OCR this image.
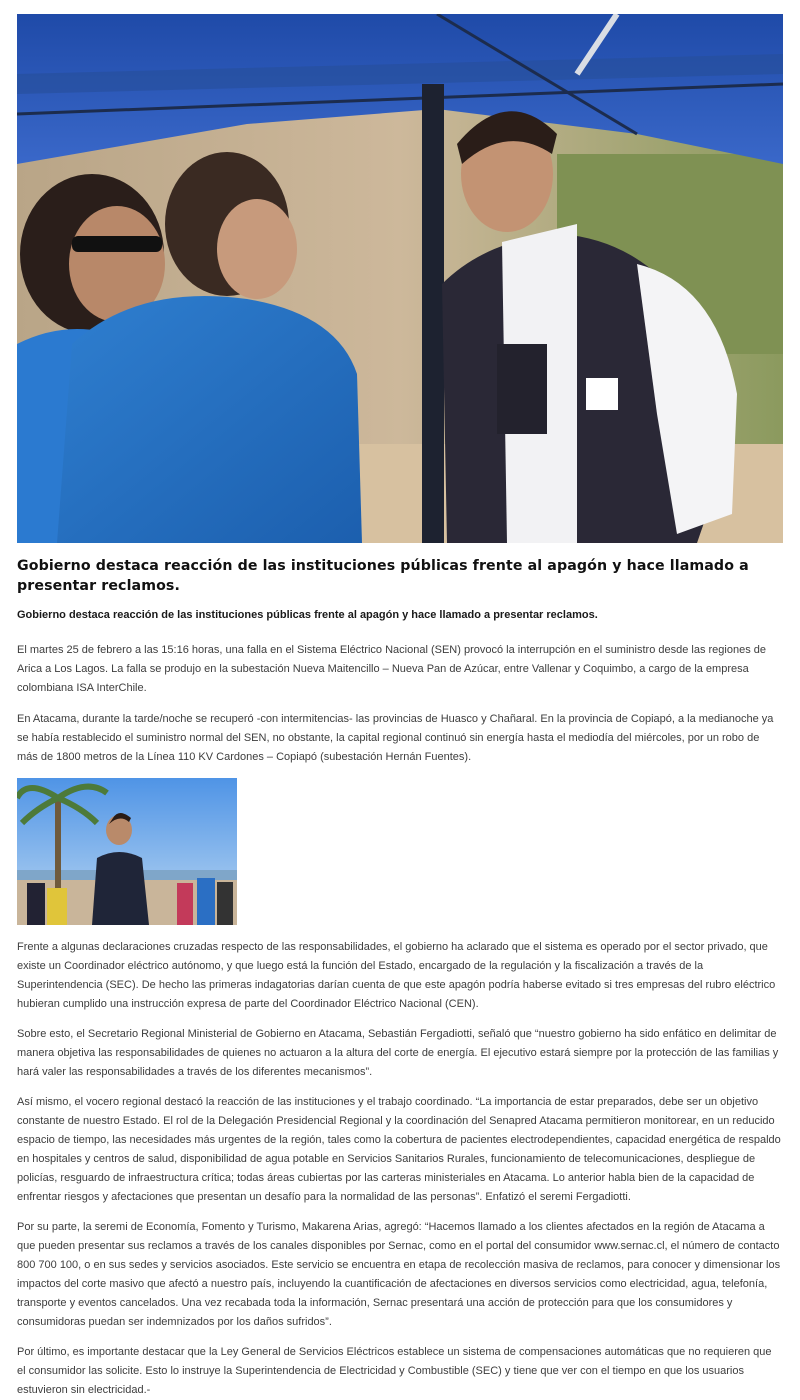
Gobierno destaca reacción de las instituciones públicas frente al apagón y hace llamado a presentar reclamos.

Gobierno destaca reacción de las instituciones públicas frente al apagón y hace llamado a presentar reclamos.

El martes 25 de febrero a las 15:16 horas, una falla en el Sistema Eléctrico Nacional (SEN) provocó la interrupción en el suministro desde las regiones de Arica a Los Lagos. La falla se produjo en la subestación Nueva Maitencillo – Nueva Pan de Azúcar, entre Vallenar y Coquimbo, a cargo de la empresa colombiana ISA InterChile.

En Atacama, durante la tarde/noche se recuperó -con intermitencias- las provincias de Huasco y Chañaral. En la provincia de Copiapó, a la medianoche ya se había restablecido el suministro normal del SEN, no obstante, la capital regional continuó sin energía hasta el mediodía del miércoles, por un robo de más de 1800 metros de la Línea 110 KV Cardones – Copiapó (subestación Hernán Fuentes).

Frente a algunas declaraciones cruzadas respecto de las responsabilidades, el gobierno ha aclarado que el sistema es operado por el sector privado, que existe un Coordinador eléctrico autónomo, y que luego está la función del Estado, encargado de la regulación y la fiscalización a través de la Superintendencia (SEC). De hecho las primeras indagatorias darían cuenta de que este apagón podría haberse evitado si tres empresas del rubro eléctrico hubieran cumplido una instrucción expresa de parte del Coordinador Eléctrico Nacional (CEN).

Sobre esto, el Secretario Regional Ministerial de Gobierno en Atacama, Sebastián Fergadiotti, señaló que “nuestro gobierno ha sido enfático en delimitar de manera objetiva las responsabilidades de quienes no actuaron a la altura del corte de energía. El ejecutivo estará siempre por la protección de las familias y hará valer las responsabilidades a través de los diferentes mecanismos”.

Así mismo, el vocero regional destacó la reacción de las instituciones y el trabajo coordinado. “La importancia de estar preparados, debe ser un objetivo constante de nuestro Estado. El rol de la Delegación Presidencial Regional y la coordinación del Senapred Atacama permitieron monitorear, en un reducido espacio de tiempo, las necesidades más urgentes de la región, tales como la cobertura de pacientes electrodependientes, capacidad energética de respaldo en hospitales y centros de salud, disponibilidad de agua potable en Servicios Sanitarios Rurales, funcionamiento de telecomunicaciones, despliegue de policías, resguardo de infraestructura crítica; todas áreas cubiertas por las carteras ministeriales en Atacama. Lo anterior habla bien de la capacidad de enfrentar riesgos y afectaciones que presentan un desafío para la normalidad de las personas”. Enfatizó el seremi Fergadiotti.

Por su parte, la seremi de Economía, Fomento y Turismo, Makarena Arias, agregó: “Hacemos llamado a los clientes afectados en la región de Atacama a que pueden presentar sus reclamos a través de los canales disponibles por Sernac, como en el portal del consumidor www.sernac.cl, el número de contacto 800 700 100, o en sus sedes y servicios asociados. Este servicio se encuentra en etapa de recolección masiva de reclamos, para conocer y dimensionar los impactos del corte masivo que afectó a nuestro país, incluyendo la cuantificación de afectaciones en diversos servicios como electricidad, agua, telefonía, transporte y eventos cancelados. Una vez recabada toda la información, Sernac presentará una acción de protección para que los consumidores y consumidoras puedan ser indemnizados por los daños sufridos”.

Por último, es importante destacar que la Ley General de Servicios Eléctricos establece un sistema de compensaciones automáticas que no requieren que el consumidor las solicite. Esto lo instruye la Superintendencia de Electricidad y Combustible (SEC) y tiene que ver con el tiempo en que los usuarios estuvieron sin electricidad.-
